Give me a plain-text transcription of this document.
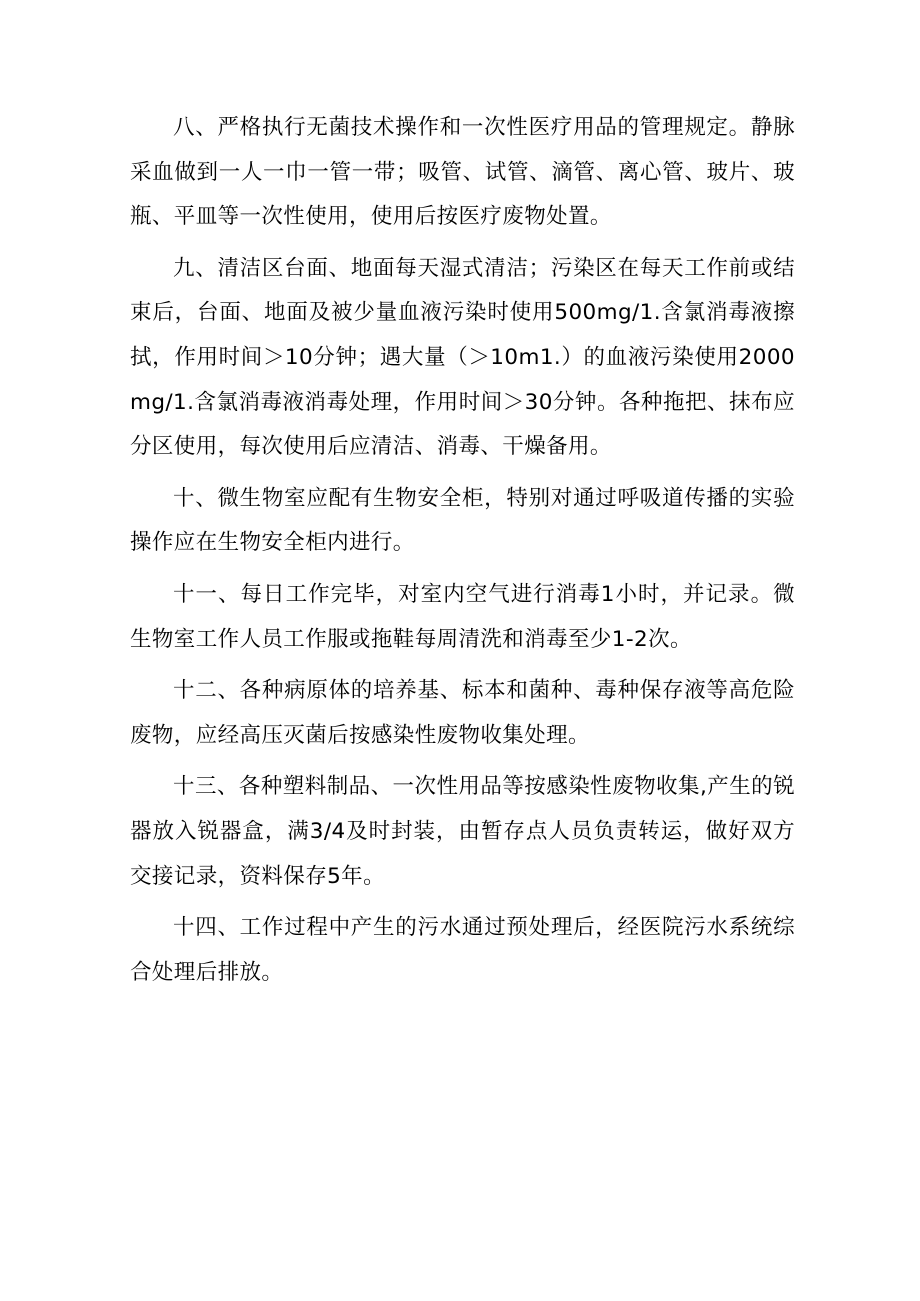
八、严格执行无菌技术操作和一次性医疗用品的管理规定。静脉采血做到一人一巾一管一带；吸管、试管、滴管、离心管、玻片、玻瓶、平皿等一次性使用，使用后按医疗废物处置。

九、清洁区台面、地面每天湿式清洁；污染区在每天工作前或结束后，台面、地面及被少量血液污染时使用500mg/1.含氯消毒液擦拭，作用时间＞10分钟；遇大量（＞10m1.）的血液污染使用2000mg/1.含氯消毒液消毒处理，作用时间＞30分钟。各种拖把、抹布应分区使用，每次使用后应清洁、消毒、干燥备用。

十、微生物室应配有生物安全柜，特别对通过呼吸道传播的实验操作应在生物安全柜内进行。

十一、每日工作完毕，对室内空气进行消毒1小时，并记录。微生物室工作人员工作服或拖鞋每周清洗和消毒至少1-2次。

十二、各种病原体的培养基、标本和菌种、毒种保存液等高危险废物，应经高压灭菌后按感染性废物收集处理。

十三、各种塑料制品、一次性用品等按感染性废物收集,产生的锐器放入锐器盒，满3/4及时封装，由暂存点人员负责转运，做好双方交接记录，资料保存5年。

十四、工作过程中产生的污水通过预处理后，经医院污水系统综合处理后排放。
